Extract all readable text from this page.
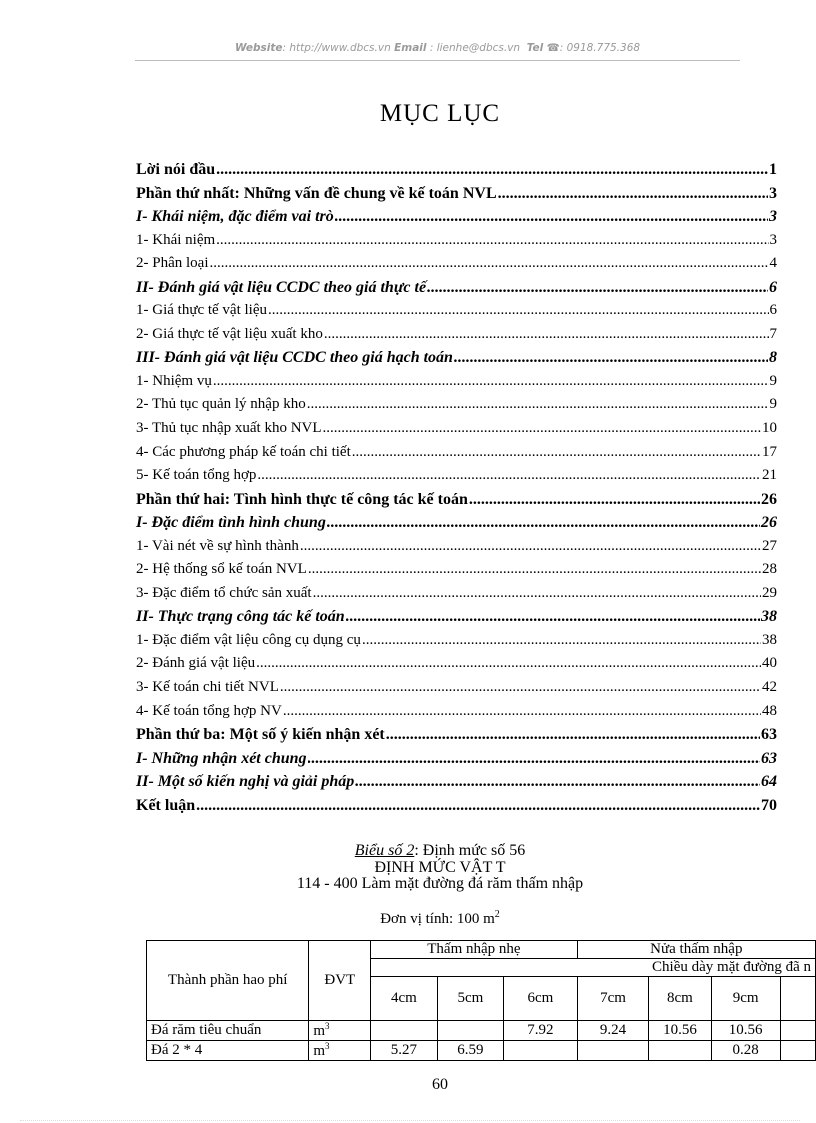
Website: http://www.dbcs.vn Email : lienhe@dbcs.vn Tel ☎: 0918.775.368
MỤC LỤC
Lời nói đầu .....	1
Phần thứ nhất: Những vấn đề chung về kế toán NVL .....	3
I- Khái niệm, đặc điểm vai trò .....	3
1- Khái niệm .....	3
2- Phân loại .....	4
II- Đánh giá vật liệu CCDC theo giá thực tế .....	6
1- Giá thực tế vật liệu .....	6
2- Giá thực tế vật liệu xuất kho .....	7
III- Đánh giá vật liệu CCDC theo giá hạch toán .....	8
1- Nhiệm vụ .....	9
2- Thủ tục quản lý nhập kho .....	9
3- Thủ tục nhập xuất kho NVL .....	10
4- Các phương pháp kế toán chi tiết .....	17
5- Kế toán tổng hợp .....	21
Phần thứ hai: Tình hình thực tế công tác kế toán .....	26
I- Đặc điểm tình hình chung .....	26
1- Vài nét về sự hình thành .....	27
2- Hệ thống sổ kế toán NVL .....	28
3- Đặc điểm tổ chức sản xuất .....	29
II- Thực trạng công tác kế toán .....	38
1- Đặc điểm vật liệu công cụ dụng cụ .....	38
2- Đánh giá vật liệu .....	40
3- Kế toán chi tiết NVL .....	42
4- Kế toán tổng hợp NV .....	48
Phần thứ ba: Một số ý kiến nhận xét .....	63
I- Những nhận xét chung .....	63
II- Một số kiến nghị và giải pháp .....	64
Kết luận .....	70
Biểu số 2: Định mức số 56
ĐỊNH MỨC VẬT T
114 - 400 Làm mặt đường đá răm thấm nhập
Đơn vị tính: 100 $m^2$
Thành phần hao phí	ĐVT	Thấm nhập nhẹ			Nửa thấm nhập			
		Chiều dày mặt đường đã n						
		4cm	5cm	6cm	7cm	8cm	9cm	
Đá răm tiêu chuẩn	$m^3$			7.92	9.24	10.56	10.56	
Đá 2 * 4	$m^3$	5.27	6.59				0.28	
60
